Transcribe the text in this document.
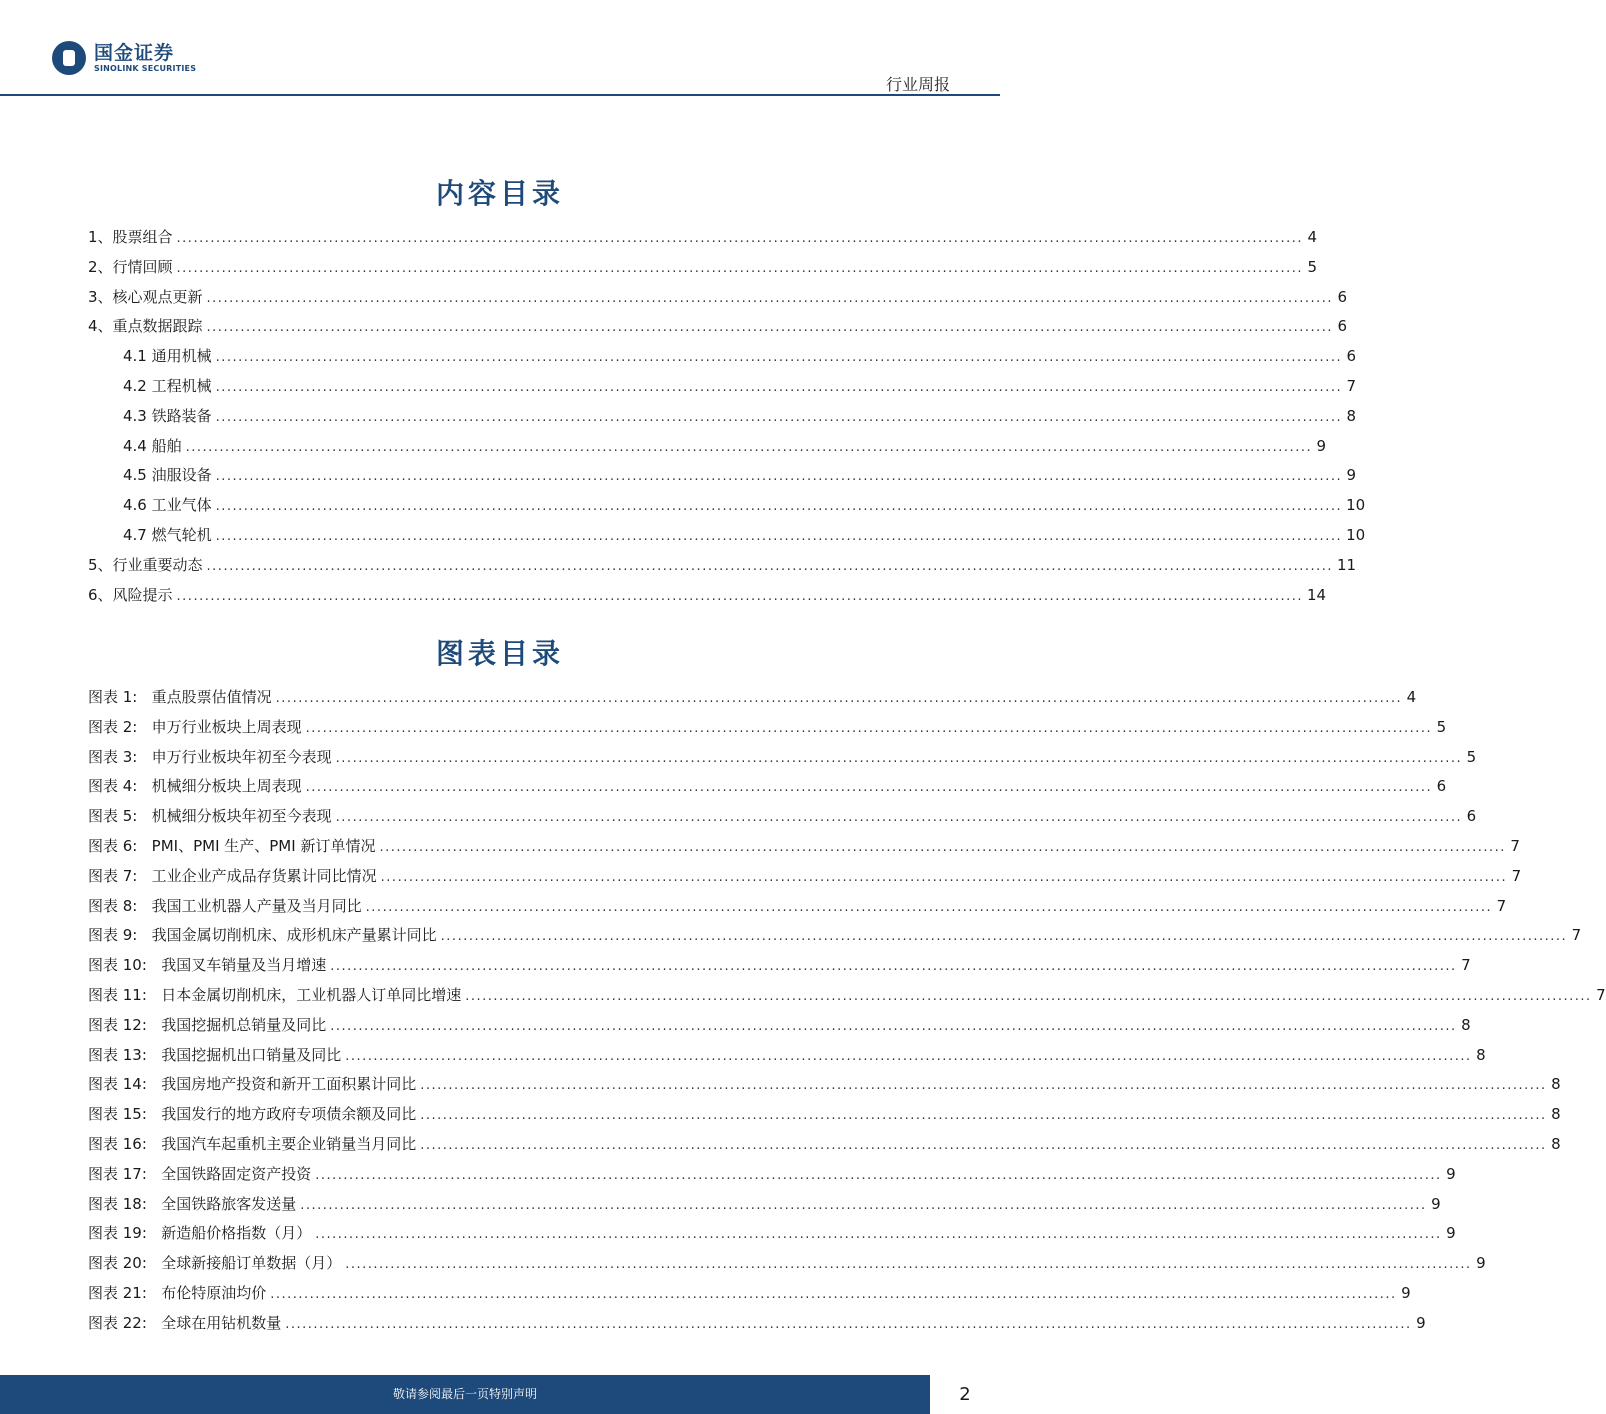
国金证券
SINOLINK SECURITIES
行业周报
内容目录
1、股票组合 ........................................................................................................................................................................................................ 4
2、行情回顾 ........................................................................................................................................................................................................ 5
3、核心观点更新 ........................................................................................................................................................................................................ 6
4、重点数据跟踪 ........................................................................................................................................................................................................ 6
4.1 通用机械 ........................................................................................................................................................................................................ 6
4.2 工程机械 ........................................................................................................................................................................................................ 7
4.3 铁路装备 ........................................................................................................................................................................................................ 8
4.4 船舶 ........................................................................................................................................................................................................ 9
4.5 油服设备 ........................................................................................................................................................................................................ 9
4.6 工业气体 ........................................................................................................................................................................................................ 10
4.7 燃气轮机 ........................................................................................................................................................................................................ 10
5、行业重要动态 ........................................................................................................................................................................................................ 11
6、风险提示 ........................................................................................................................................................................................................ 14
图表目录
图表 1:   重点股票估值情况 ........................................................................................................................................................................................................ 4
图表 2:   申万行业板块上周表现 ........................................................................................................................................................................................................ 5
图表 3:   申万行业板块年初至今表现 ........................................................................................................................................................................................................ 5
图表 4:   机械细分板块上周表现 ........................................................................................................................................................................................................ 6
图表 5:   机械细分板块年初至今表现 ........................................................................................................................................................................................................ 6
图表 6:   PMI、PMI 生产、PMI 新订单情况 ........................................................................................................................................................................................................ 7
图表 7:   工业企业产成品存货累计同比情况 ........................................................................................................................................................................................................ 7
图表 8:   我国工业机器人产量及当月同比 ........................................................................................................................................................................................................ 7
图表 9:   我国金属切削机床、成形机床产量累计同比 ........................................................................................................................................................................................................ 7
图表 10:   我国叉车销量及当月增速 ........................................................................................................................................................................................................ 7
图表 11:   日本金属切削机床，工业机器人订单同比增速 ........................................................................................................................................................................................................ 7
图表 12:   我国挖掘机总销量及同比 ........................................................................................................................................................................................................ 8
图表 13:   我国挖掘机出口销量及同比 ........................................................................................................................................................................................................ 8
图表 14:   我国房地产投资和新开工面积累计同比 ........................................................................................................................................................................................................ 8
图表 15:   我国发行的地方政府专项债余额及同比 ........................................................................................................................................................................................................ 8
图表 16:   我国汽车起重机主要企业销量当月同比 ........................................................................................................................................................................................................ 8
图表 17:   全国铁路固定资产投资 ........................................................................................................................................................................................................ 9
图表 18:   全国铁路旅客发送量 ........................................................................................................................................................................................................ 9
图表 19:   新造船价格指数（月） ........................................................................................................................................................................................................ 9
图表 20:   全球新接船订单数据（月） ........................................................................................................................................................................................................ 9
图表 21:   布伦特原油均价 ........................................................................................................................................................................................................ 9
图表 22:   全球在用钻机数量 ........................................................................................................................................................................................................ 9
敬请参阅最后一页特别声明	2
